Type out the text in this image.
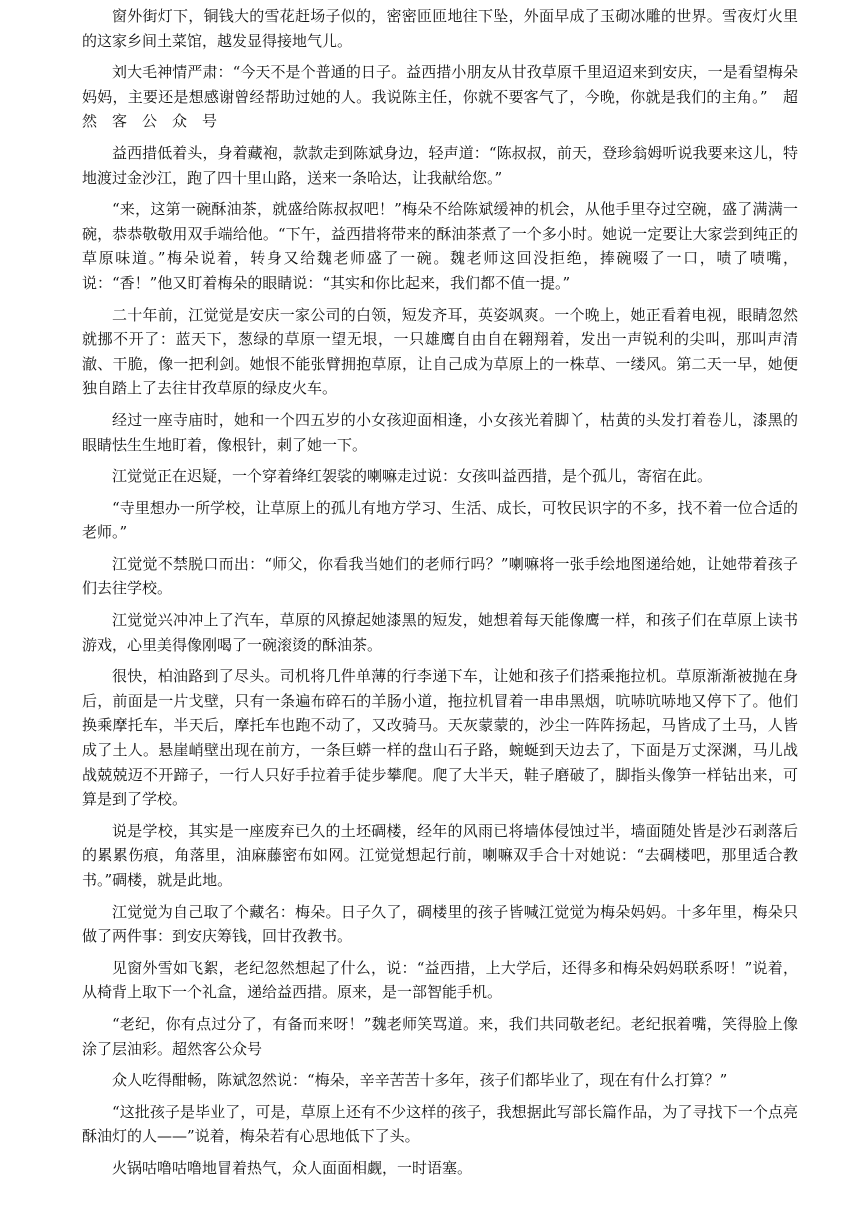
窗外街灯下，铜钱大的雪花赶场子似的，密密匝匝地往下坠，外面早成了玉砌冰雕的世界。雪夜灯火里的这家乡间土菜馆，越发显得接地气儿。

刘大毛神情严肃：“今天不是个普通的日子。益西措小朋友从甘孜草原千里迢迢来到安庆，一是看望梅朵妈妈，主要还是想感谢曾经帮助过她的人。我说陈主任，你就不要客气了，今晚，你就是我们的主角。”　超　然　客　公　众　号

益西措低着头，身着藏袍，款款走到陈斌身边，轻声道：“陈叔叔，前天，登珍翁姆听说我要来这儿，特地渡过金沙江，跑了四十里山路，送来一条哈达，让我献给您。”

“来，这第一碗酥油茶，就盛给陈叔叔吧！”梅朵不给陈斌缓神的机会，从他手里夺过空碗，盛了满满一碗，恭恭敬敬用双手端给他。“下午，益西措将带来的酥油茶煮了一个多小时。她说一定要让大家尝到纯正的草原味道。”梅朵说着，转身又给魏老师盛了一碗。魏老师这回没拒绝，捧碗啜了一口，啧了啧嘴，说：“香！”他又盯着梅朵的眼睛说：“其实和你比起来，我们都不值一提。”

二十年前，江觉觉是安庆一家公司的白领，短发齐耳，英姿飒爽。一个晚上，她正看着电视，眼睛忽然就挪不开了：蓝天下，葱绿的草原一望无垠，一只雄鹰自由自在翱翔着，发出一声锐利的尖叫，那叫声清澈、干脆，像一把利剑。她恨不能张臂拥抱草原，让自己成为草原上的一株草、一缕风。第二天一早，她便独自踏上了去往甘孜草原的绿皮火车。

经过一座寺庙时，她和一个四五岁的小女孩迎面相逢，小女孩光着脚丫，枯黄的头发打着卷儿，漆黑的眼睛怯生生地盯着，像根针，刺了她一下。

江觉觉正在迟疑，一个穿着绛红袈裟的喇嘛走过说：女孩叫益西措，是个孤儿，寄宿在此。

“寺里想办一所学校，让草原上的孤儿有地方学习、生活、成长，可牧民识字的不多，找不着一位合适的老师。”

江觉觉不禁脱口而出：“师父，你看我当她们的老师行吗？”喇嘛将一张手绘地图递给她，让她带着孩子们去往学校。

江觉觉兴冲冲上了汽车，草原的风撩起她漆黑的短发，她想着每天能像鹰一样，和孩子们在草原上读书游戏，心里美得像刚喝了一碗滚烫的酥油茶。

很快，柏油路到了尽头。司机将几件单薄的行李递下车，让她和孩子们搭乘拖拉机。草原渐渐被抛在身后，前面是一片戈壁，只有一条遍布碎石的羊肠小道，拖拉机冒着一串串黑烟，吭哧吭哧地又停下了。他们换乘摩托车，半天后，摩托车也跑不动了，又改骑马。天灰蒙蒙的，沙尘一阵阵扬起，马皆成了土马，人皆成了土人。悬崖峭壁出现在前方，一条巨蟒一样的盘山石子路，蜿蜒到天边去了，下面是万丈深渊，马儿战战兢兢迈不开蹄子，一行人只好手拉着手徒步攀爬。爬了大半天，鞋子磨破了，脚指头像笋一样钻出来，可算是到了学校。

说是学校，其实是一座废弃已久的土坯碉楼，经年的风雨已将墙体侵蚀过半，墙面随处皆是沙石剥落后的累累伤痕，角落里，油麻藤密布如网。江觉觉想起行前，喇嘛双手合十对她说：“去碉楼吧，那里适合教书。”碉楼，就是此地。

江觉觉为自己取了个藏名：梅朵。日子久了，碉楼里的孩子皆喊江觉觉为梅朵妈妈。十多年里，梅朵只做了两件事：到安庆筹钱，回甘孜教书。

见窗外雪如飞絮，老纪忽然想起了什么，说：“益西措，上大学后，还得多和梅朵妈妈联系呀！”说着，从椅背上取下一个礼盒，递给益西措。原来，是一部智能手机。

“老纪，你有点过分了，有备而来呀！”魏老师笑骂道。来，我们共同敬老纪。老纪抿着嘴，笑得脸上像涂了层油彩。超然客公众号

众人吃得酣畅，陈斌忽然说：“梅朵，辛辛苦苦十多年，孩子们都毕业了，现在有什么打算？”

“这批孩子是毕业了，可是，草原上还有不少这样的孩子，我想据此写部长篇作品，为了寻找下一个点亮酥油灯的人——”说着，梅朵若有心思地低下了头。

火锅咕噜咕噜地冒着热气，众人面面相觑，一时语塞。
